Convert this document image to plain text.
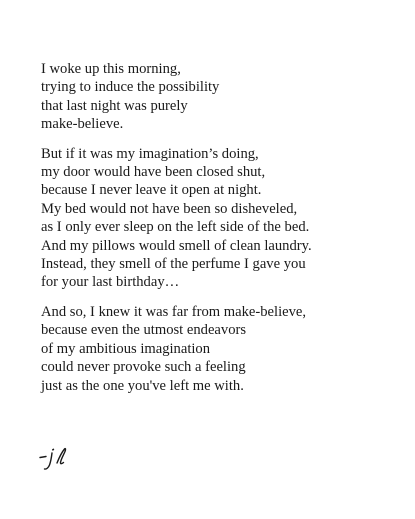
I woke up this morning,
trying to induce the possibility
that last night was purely
make-believe.
But if it was my imagination’s doing,
my door would have been closed shut,
because I never leave it open at night.
My bed would not have been so disheveled,
as I only ever sleep on the left side of the bed.
And my pillows would smell of clean laundry.
Instead, they smell of the perfume I gave you
for your last birthday…
And so, I knew it was far from make-believe,
because even the utmost endeavors
of my ambitious imagination
could never provoke such a feeling
just as the one you've left me with.
